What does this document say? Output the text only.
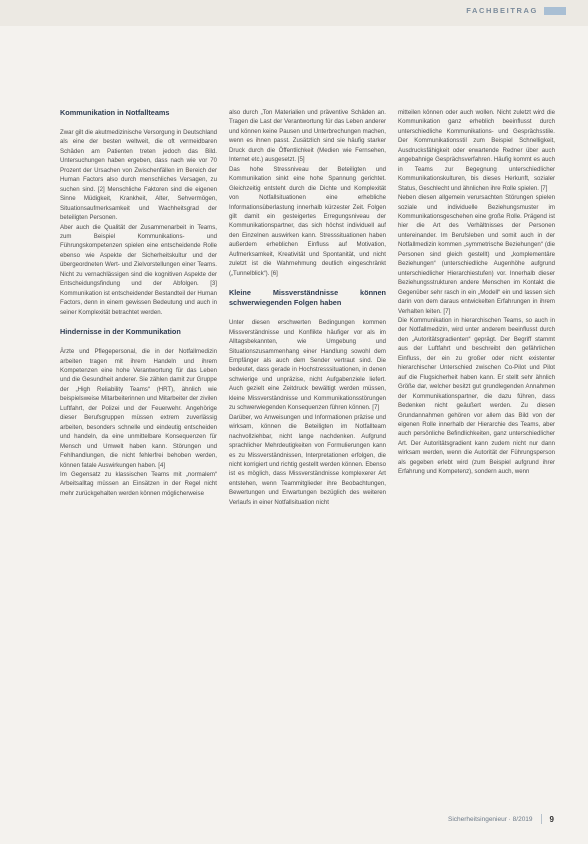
FACHBEITRAG
Kommunikation in Notfallteams

Zwar gilt die akutmedizinische Versorgung in Deutschland als eine der besten weltweit, die oft vermeidbaren Schäden am Patienten treten jedoch das Bild. Untersuchungen haben ergeben, dass nach wie vor 70 Prozent der Ursachen von Zwischenfällen im Bereich der Human Factors also durch menschliches Versagen, zu suchen sind. [2] Menschliche Faktoren sind die eigenen Sinne Müdigkeit, Krankheit, Alter, Sehvermögen, Situationsaufmerksamkeit und Wachheitsgrad der beteiligten Personen.

Aber auch die Qualität der Zusammenarbeit in Teams, zum Beispiel Kommunikations- und Führungskompetenzen spielen eine entscheidende Rolle ebenso wie Aspekte der Sicherheitskultur und der übergeordneten Wert- und Zielvorstellungen einer Teams. Nicht zu vernachlässigen sind die kognitiven Aspekte der Entscheidungsfindung und der Abfolgen. [3] Kommunikation ist entscheidender Bestandteil der Human Factors, denn in einem gewissen Bedeutung und auch in seiner Komplexität betrachtet werden.

Hindernisse in der Kommunikation

Ärzte und Pflegepersonal, die in der Notfallmedizin arbeiten tragen mit ihrem Handeln und ihrem Kompetenzen eine hohe Verantwortung für das Leben und die Gesundheit anderer. Sie zählen damit zur Gruppe der „High Reliability Teams“ (HRT), ähnlich wie beispielsweise Mitarbeiterinnen und Mitarbeiter der zivilen Luftfahrt, der Polizei und der Feuerwehr. Angehörige dieser Berufsgruppen müssen extrem zuverlässig arbeiten, besonders schnelle und eindeutig entscheiden und handeln, da eine unmittelbare Konsequenzen für Mensch und Umwelt haben kann. Störungen und Fehlhandlungen, die nicht fehlerfrei behoben werden, können fatale Auswirkungen haben. [4]

Im Gegensatz zu klassischen Teams mit „normalem“ Arbeitsalltag müssen an Einsätzen in der Regel nicht mehr zurückgehalten werden können möglicherweise

also durch „Ton Materialien und präventive Schäden an. Tragen die Last der Verantwortung für das Leben anderer und können keine Pausen und Unterbrechungen machen, wenn es ihnen passt. Zusätzlich sind sie häufig starker Druck durch die Öffentlichkeit (Medien wie Fernsehen, Internet etc.) ausgesetzt. [5]

Das hohe Stressniveau der Beteiligten und Kommunikation sinkt eine hohe Spannung gerichtet. Gleichzeitig entsteht durch die Dichte und Komplexität von Notfallsituationen eine erhebliche Informationsüberlastung innerhalb kürzester Zeit. Folgen gilt damit ein gesteigertes Erregungsniveau der Kommunikationspartner, das sich höchst individuell auf den Einzelnen auswirken kann. Stresssituationen haben außerdem erheblichen Einfluss auf Motivation, Aufmerksamkeit, Kreativität und Spontanität, und nicht zuletzt ist die Wahrnehmung deutlich eingeschränkt („Tunnelblick“). [6]

Kleine Missverständnisse können schwerwiegenden Folgen haben

Unter diesen erschwerten Bedingungen kommen Missverständnisse und Konflikte häufiger vor als im Alltagsbekannten, wie Umgebung und Situationszusammenhang einer Handlung sowohl dem Empfänger als auch dem Sender vertraut sind. Die bedeutet, dass gerade in Hochstresssituationen, in denen schwierige und unpräzise, nicht Aufgabenziele liefert. Auch gezielt eine Zeitdruck bewältigt werden müssen, kleine Missverständnisse und Kommunikationsstörungen zu schwerwiegenden Konsequenzen führen können. [7]

Darüber, wo Anweisungen und Informationen präzise und wirksam, können die Beteiligten im Notfallteam nachvollziehbar, nicht lange nachdenken. Aufgrund sprachlicher Mehrdeutigkeiten von Formulierungen kann es zu Missverständnissen, Interpretationen erfolgen, die nicht korrigiert und richtig gestellt werden können. Ebenso ist es möglich, dass Missverständnisse komplexerer Art entstehen, wenn Teammitglieder ihre Beobachtungen, Bewertungen und Erwartungen bezüglich des weiteren Verlaufs in einer Notfallsituation nicht

mitteilen können oder auch wollen. Nicht zuletzt wird die Kommunikation ganz erheblich beeinflusst durch unterschiedliche Kommunikations- und Gesprächsstile. Der Kommunikationsstil zum Beispiel Schnelligkeit, Ausdrucksfähigkeit oder erwartende Redner über auch angebahnige Gesprächsverfahren. Häufig kommt es auch in Teams zur Begegnung unterschiedlicher Kommunikationskulturen, bis dieses Herkunft, sozialer Status, Geschlecht und ähnlichen ihre Rolle spielen. [7]

Neben diesen allgemein verursachten Störungen spielen soziale und individuelle Beziehungsmuster im Kommunikationsgeschehen eine große Rolle. Prägend ist hier die Art des Verhältnisses der Personen untereinander. Im Berufsleben und somit auch in der Notfallmedizin kommen „symmetrische Beziehungen“ (die Personen sind gleich gestellt) und „komplementäre Beziehungen“ (unterschiedliche Augenhöhe aufgrund unterschiedlicher Hierarchiestufen) vor. Innerhalb dieser Beziehungsstrukturen andere Menschen im Kontakt die Gegenüber sehr rasch in ein „Modell“ ein und lassen sich darin von dem daraus entwickelten Erfahrungen in ihrem Verhalten leiten. [7]

Die Kommunikation in hierarchischen Teams, so auch in der Notfallmedizin, wird unter anderem beeinflusst durch den „Autoritätsgradienten“ geprägt. Der Begriff stammt aus der Luftfahrt und beschreibt den gefährlichen Einfluss, der ein zu großer oder nicht existenter hierarchischer Unterschied zwischen Co-Pilot und Pilot auf die Flugsicherheit haben kann. Er stellt sehr ähnlich Größe dar, welcher besitzt gut grundlegenden Annahmen der Kommunikationspartner, die dazu führen, dass Bedenken nicht geäußert werden. Zu diesen Grundannahmen gehören vor allem das Bild von der eigenen Rolle innerhalb der Hierarchie des Teams, aber auch persönliche Befindlichkeiten, ganz unterschiedlicher Art. Der Autoritätsgradient kann zudem nicht nur dann wirksam werden, wenn die Autorität der Führungsperson als gegeben erlebt wird (zum Beispiel aufgrund ihrer Erfahrung und Kompetenz), sondern auch, wenn

Sicherheitsingenieur · 8/2019 9
